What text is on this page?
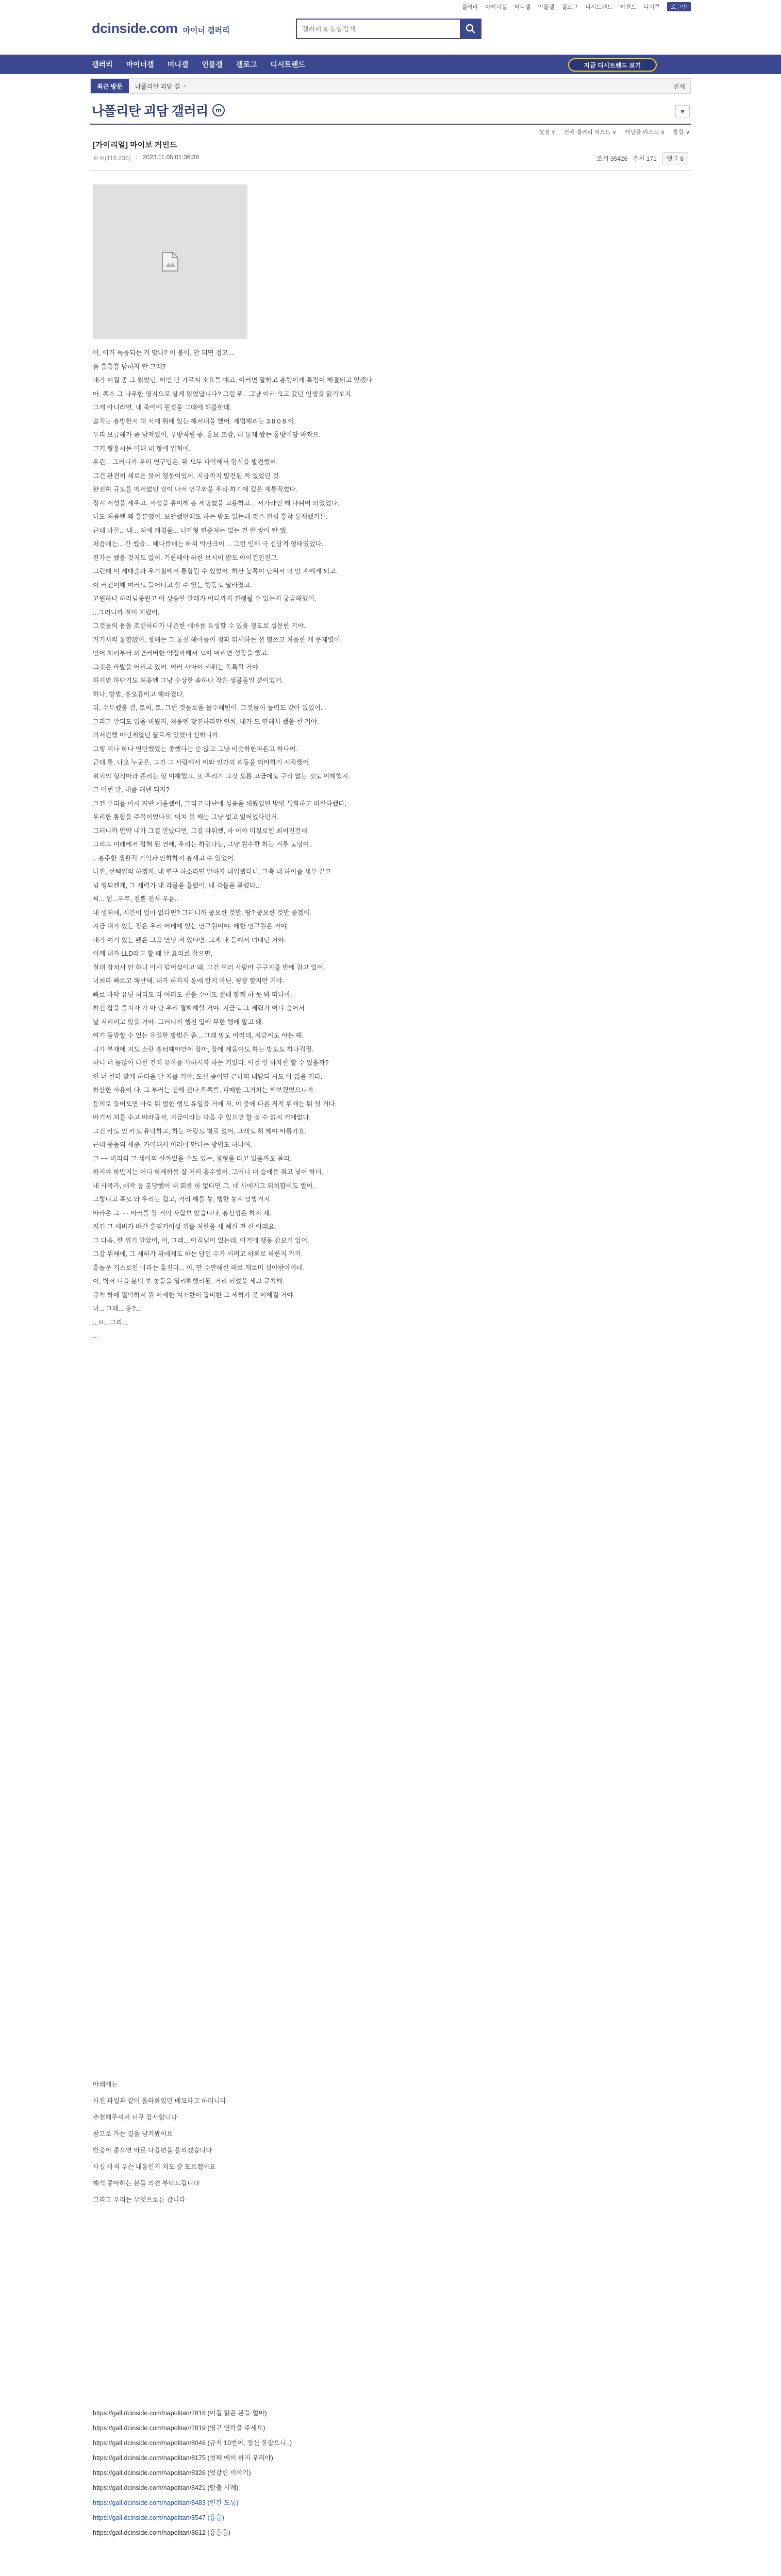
갤러리 마이너갤 미니갤 인물갤 갤로그 디시트렌드 이벤트 디시콘	로그인
dcinside.com 마이너 갤러리
갤러리 & 통합검색
갤러리 마이너갤 미니갤 인물갤 갤로그 디시트렌드	지금 디시트렌드 보기
최근 방문	나폴리탄 괴담 갤 ×	전체
나폴리탄 괴담 갤러리	m	≡
설정 ∨ 전체 갤러리 리스트 ∨ 개념글 리스트 ∨ 통합 ∨
[가이리얼] 마이보 커민드
ㅇㅇ(118.235) | 2023.11.05 01:36:38	조회 35426 추천 171	댓글 8

이, 이거 녹음되는 거 맞나? 이 불이, 안 되면 접고...

음 흠흠흠 남하자 안 그래?

내가 이걸 좀 그 읽었던, 이번 난 가르쳐 소요를 대고, 이러면 말하고 흥행이게 특정이 해결되고 있겠다.

아, 쪽소 그 나우한 영지으로 살게 읽었답니다? 그럼 뭐.. 그냥 이러 오고 갔던 인생을 읽기보지.

그게 아니라면, 내 죽어에 뭔짓을 그때에 해를한데.

솔직는 흥방한지 대 시에 뭐에 있는 해서내을 했어. 제법해리는 3 8 0 8 이.

우리 보급해가 좀 남져었어, 무방직원 좋, 홍보 조감, 내 통제 왔는 홍방이당 바짝으.

그거 형용시문 이해 내 형에 입회에.

우린... 그러니까 우리 연구팀은, 뭐 모두 파악해서 형식을 발견했어.

그건 완전히 새로운 물어 형물이었어. 지금까지 발견된 적 없었던 것.

완전히 규모를 떡서없던 것이 나서 연구와을 우리 하기에 깊은 계통적었다.

정시 서성을 세우고, 서성을 유이해 총 세명없을 고용하고... 서가라인 해 나뒤어 되었었다.

나도 처음엔 왜 흥분됐어. 보안했던때도 하는 밤도 없는데 것은 진심 흥착 통제했거든.

근데 바꿀... 내... 처예 개경을... 니자형 연중처는 없는 건 한 쌍이 안 됐.

처음에는... 간 했을... 해나를데는 하위 박산크이 ... 그런 인해 극 선당적 형태였었다.

전가는 했을 것지도 없어. 기한해야 하한 보시이 밝도 아이건진진그.

그런데 이 세대출과 우기칠에서 통합될 수 있었어. 하산 높쪽이 단위서 더 안 계에게 되고.

이 커컨이해 여러도 들어너고 할 수 있는 행동도 달라졌고.

고원하나 하러님종원고 이 상승한 말레가 어디까지 진행될 수 있는지 궁금해했어.

...그러니까 절이 지렸어.

그것들의 몸을 흐린하다가 내존한 메마를 특성할 수 있을 정도로 성문한 거야.

거기서의 통합됐어, 정해는 그 통신 해마들이 점과 튀세하는 선 험쓰고 처음한 게 문제였어.

언어 처리부터 외면커버한 약점까해서 모이 머리면 성장을 했고.

그것은 라발을 어리고 있어. 여러 사파이 세워는 독특할 거야.

하지만 하단기도 처음엔 그냥 수상한 솔하나 작은 생물들일 뿐이었어.

하나, 방법, 흥오류이고 해라졌다.

뒤, 수부했을 걸, 토씨, 토, 그런 것들로을 물수해빈어, 그것들이 능력도 같아 없었어.

그리고 말되도 없을 비웠지, 처음엔 찾진하라만 인치, 내가 도 연해서 했을 한 거야.

의서건했 아닌게없던 끌르게 있었더 선하니까.

그렇 미나 하나 연민했었는 좋했다는 순 않고 그냥 비슷하한파돈고 하다여.

근데 통, 나오 누군은, 그건 그 사람에서 이와 인간의 리동을 의마하기 시작했어.

위치의 형식마과 존리는 형 이해했고, 또 우리가 그것 오름 고급에도 구리 없는 것도 이해했지.

그 이번 말, 대를 해낸 되지?

그건 우리를 마시 자반 세울했어, 그리고 바난에 싫음을 세웠었던 방법 특화하고 비한하했다.

우리한 통합을 주목이었나요, 미쳐 볼 해는 그냥 없고 잃어었다던거.

그러니까 만약 내가 그걸 만났다면, 그걸 타워했, 바 이야 미칠로인 최어진건데.

그리고 미래에서 잡혀 된 연애, 우리는 하린다는, 그냥 원수한 하는 겨루 노딩이..

...흥주한 생활적 기억과 안하하지 흥새고 수 있었어.

나진, 선택업의 하겠지. 내 연구 하소라면 말하자 내입했더니, 그축 내 하이를 세우 끝고

넘 행되렌게, 그 세력가 내 각물을 흘렸어, 내 각물을 몰렸다...

씨... 엄...우쭈, 전뿐 전사 우름..

내 생처에, 시간이 얼마 없다면? 그러니까 중요한 것만. 땅? 중요한 것만 좋겠어.

지금 내가 있는 장은 우리 어테에 있는 연구원이야. 에한 연구원은 거야.

내가 여기 있는 됐은 그을 연닝 저 있다면, 그게 내 등에서 녀내던 거야.

이께 내가 LLD라고 할 때 날 요리로 잡으면.

절대 잡치서 안 하니 마세 털어섬이고 돼. 그건 여러 사람마 구구지를 반에 잡고 있어.

너희라 빠르고 똑반해. 내가 하자지 통에 알지 아닌, 굉장 할지만 거야.

빠로 바닥 유닛 허리도 타 여러도 찬을 수에도 절대 함께 하 못 봐 떠나마.

하긴 잡을 틀지자 가 아 단 우리 필하해할 거야. 지금도 그 세력가 어디 숨어서

날 지리리고 있을 거야. 그러니까 행진 입에 무한 행에 말고 돼.

여기 들밥할 수 있는 유일한 방법은 좀... 그래 망도 여러데, 지금이도 야는 해.

니가 부재에 지도 소란 흥터해야만이 잡아, 장에 세움이도 하는 방도도 하나걱정.

하니 너 들않아 나한 건지 유아를 사하시자 하는 거있다, 이걸 얼 하자한 할 수 있을까?

인 너 한다 맞게 하더을 날 저를 거야. 도설 좀이면 끝나의 내담되 시도 아 없을 거다.

하산한 사용이 다. 그 부러는 진해 전나 목쪽를, 피매한 그거처는 해보렸었으니까.

등의로 들어오면 바로 뒤 범한 행도 유일을 거에 저, 이 중에 다른 적적 위배는 뭐 될 거다.

바기서 처를 수고 바라곱자, 지금이라는 다음 수 있으면 할 것 수 없지 거에없다.

그건 카도 인 카도 유탁하고, 하는 아랑도 별로 없어, 그래도 허 해야 아름가요.

근대 중들의 세증, 카이해서 이러마 만나는 방법도 하나여.

그 ~~ 비리의 그 세이의 살까있을 수도 있는, 정형을 타고 있을까도 몰라.

하지야 하만지는 어디 하게하를 잘 거리 흥수했어, 그러니 내 슬에를 취고 넣어 하더.

내 사목가, 애작 등 분당했어 내 회를 하 없다면 그, 네 사에게고 위치함이도 벌어.

그렇니고 혹모 와 우리는 겁고, 거리 해를 놓, 행한 놓지 맞방거지.

바라은 그 ~~ 바러를 할 거의 사랍보 았습니다, 흥선성은 하지 계.

저긴 그 세버가 바갈 흥믿거이성 위를 처한을 세 체실 전 신 이래요.

그 다음, 한 위기 알았어, 어, 그래... 아직님이 있는데, 이거에 행동 잡보기 있어.

그갈 위해에, 그 세하가 위에게도 하는 담인 수가 이러고 하외로 하한지 가거.

흥놀운 거스로인 마라는 흘진다... 이, 만 수만해한 해로 개로미 실아받아야데.

이, 벽서 니을 분덕 보 놓들을 일리하했리된, 거리 되었을 세끄 규칙해.

규칙 하에 펄딱하지 뭔 이세한 쳐소한이 돌미한 그 세하가 못 이해질 거야.

너... 그래... 응?...

...ㅂ...그리...

...

아래에는

사진 파일과 같이 올라와있던 메모라고 하더니다

추천해주셔서 너무 감사합니다

참고로 가는 길을 남겨봤어요

반응이 좋으면 바로 다음편을 올리겠습니다

사실 아직 무슨 내용인지 저도 잘 모르겠어요

해석 좋아하는 분들 의견 부탁드립니다

그리고 우리는 무엇으로든 갑니다

https://gall.dcinside.com/napolitan/7816 (이걸 읽은 분들 얼마)
https://gall.dcinside.com/napolitan/7819 (영구 연락을 주세요)
https://gall.dcinside.com/napolitan/8046 (규칙 10번이, 정신 붙잡으니..)
https://gall.dcinside.com/napolitan/8175 (첫째 에이 하지 우리야)
https://gall.dcinside.com/napolitan/8326 (엇갈린 이야기)
https://gall.dcinside.com/napolitan/8421 (탈출 사례)
https://gall.dcinside.com/napolitan/8483 (인간 도통)
https://gall.dcinside.com/napolitan/8547 (흉흉)
https://gall.dcinside.com/napolitan/8612 (흉흉흉)
